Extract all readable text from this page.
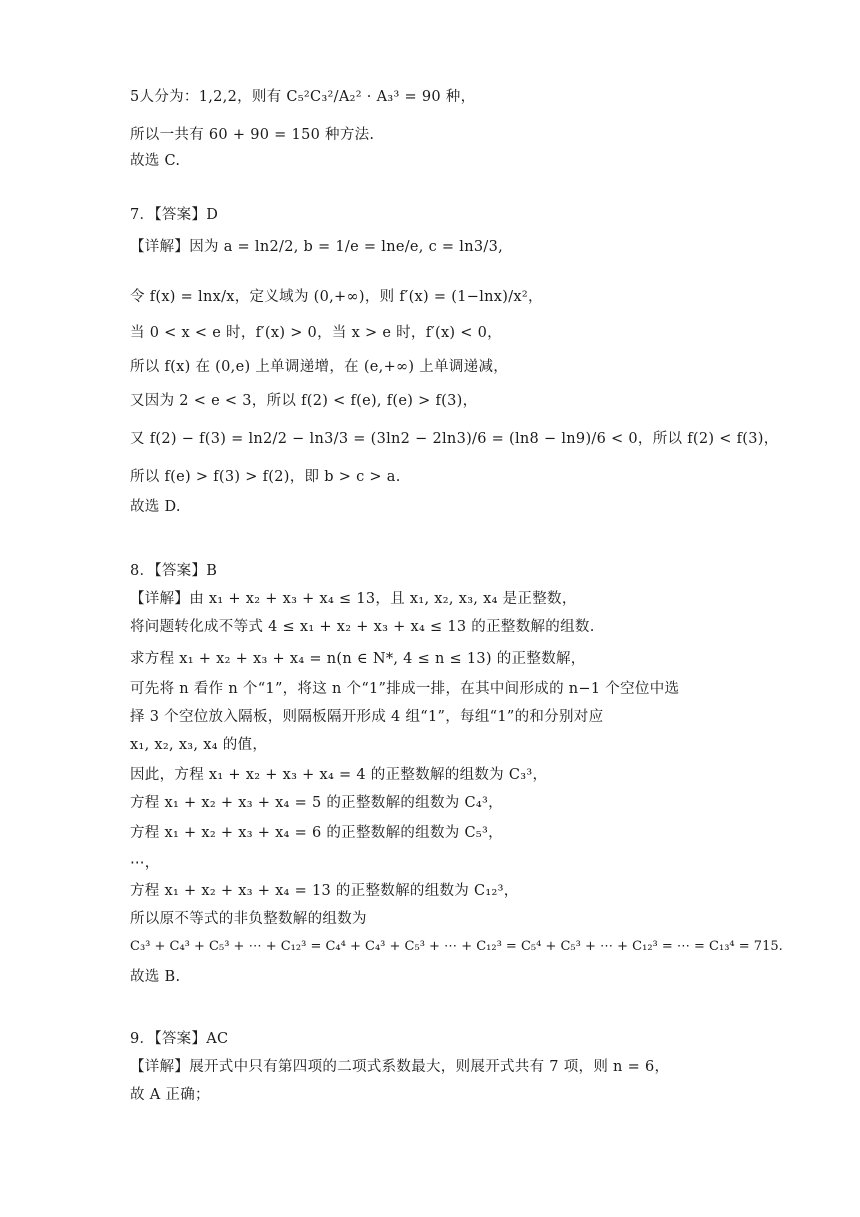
5人分为：1,2,2，则有 C₅²C₃²/A₂² · A₃³ = 90 种，
所以一共有 60 + 90 = 150 种方法.
故选 C.
7．【答案】D
【详解】因为 a = ln2/2, b = 1/e = lne/e, c = ln3/3,
令 f(x) = lnx/x，定义域为 (0,+∞)，则 f′(x) = (1−lnx)/x²，
当 0 < x < e 时，f′(x) > 0，当 x > e 时，f′(x) < 0，
所以 f(x) 在 (0,e) 上单调递增，在 (e,+∞) 上单调递减，
又因为 2 < e < 3，所以 f(2) < f(e), f(e) > f(3)，
又 f(2) − f(3) = ln2/2 − ln3/3 = (3ln2 − 2ln3)/6 = (ln8 − ln9)/6 < 0，所以 f(2) < f(3)，
所以 f(e) > f(3) > f(2)，即 b > c > a.
故选 D.
8．【答案】B
【详解】由 x₁ + x₂ + x₃ + x₄ ≤ 13，且 x₁, x₂, x₃, x₄ 是正整数，
将问题转化成不等式 4 ≤ x₁ + x₂ + x₃ + x₄ ≤ 13 的正整数解的组数.
求方程 x₁ + x₂ + x₃ + x₄ = n(n ∈ N*, 4 ≤ n ≤ 13) 的正整数解，
可先将 n 看作 n 个“1”，将这 n 个“1”排成一排，在其中间形成的 n−1 个空位中选
择 3 个空位放入隔板，则隔板隔开形成 4 组“1”，每组“1”的和分别对应
x₁, x₂, x₃, x₄ 的值，
因此，方程 x₁ + x₂ + x₃ + x₄ = 4 的正整数解的组数为 C₃³，
方程 x₁ + x₂ + x₃ + x₄ = 5 的正整数解的组数为 C₄³，
方程 x₁ + x₂ + x₃ + x₄ = 6 的正整数解的组数为 C₅³，
⋯，
方程 x₁ + x₂ + x₃ + x₄ = 13 的正整数解的组数为 C₁₂³，
所以原不等式的非负整数解的组数为
C₃³ + C₄³ + C₅³ + ⋯ + C₁₂³ = C₄⁴ + C₄³ + C₅³ + ⋯ + C₁₂³ = C₅⁴ + C₅³ + ⋯ + C₁₂³ = ⋯ = C₁₃⁴ = 715.
故选 B.
9．【答案】AC
【详解】展开式中只有第四项的二项式系数最大，则展开式共有 7 项，则 n = 6，
故 A 正确；
